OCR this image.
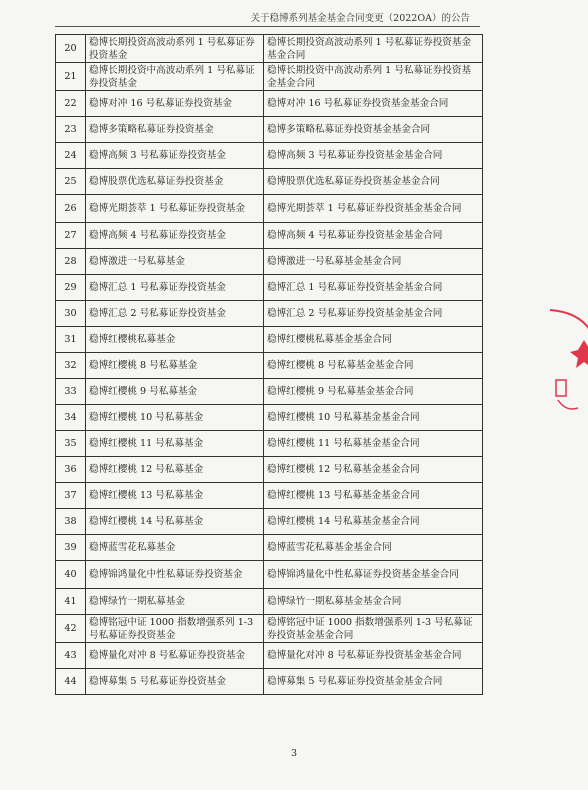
关于稳博系列基金基金合同变更（2022OA）的公告
20	稳博长期投资高波动系列 1 号私募证券投资基金	稳博长期投资高波动系列 1 号私募证券投资基金基金合同
21	稳博长期投资中高波动系列 1 号私募证券投资基金	稳博长期投资中高波动系列 1 号私募证券投资基金基金合同
22	稳博对冲 16 号私募证券投资基金	稳博对冲 16 号私募证券投资基金基金合同
23	稳博多策略私募证券投资基金	稳博多策略私募证券投资基金基金合同
24	稳博高频 3 号私募证券投资基金	稳博高频 3 号私募证券投资基金基金合同
25	稳博股票优选私募证券投资基金	稳博股票优选私募证券投资基金基金合同
26	稳博光期荟萃 1 号私募证券投资基金	稳博光期荟萃 1 号私募证券投资基金基金合同
27	稳博高频 4 号私募证券投资基金	稳博高频 4 号私募证券投资基金基金合同
28	稳博激进一号私募基金	稳博激进一号私募基金基金合同
29	稳博汇总 1 号私募证券投资基金	稳博汇总 1 号私募证券投资基金基金合同
30	稳博汇总 2 号私募证券投资基金	稳博汇总 2 号私募证券投资基金基金合同
31	稳博红樱桃私募基金	稳博红樱桃私募基金基金合同
32	稳博红樱桃 8 号私募基金	稳博红樱桃 8 号私募基金基金合同
33	稳博红樱桃 9 号私募基金	稳博红樱桃 9 号私募基金基金合同
34	稳博红樱桃 10 号私募基金	稳博红樱桃 10 号私募基金基金合同
35	稳博红樱桃 11 号私募基金	稳博红樱桃 11 号私募基金基金合同
36	稳博红樱桃 12 号私募基金	稳博红樱桃 12 号私募基金基金合同
37	稳博红樱桃 13 号私募基金	稳博红樱桃 13 号私募基金基金合同
38	稳博红樱桃 14 号私募基金	稳博红樱桃 14 号私募基金基金合同
39	稳博蓝雪花私募基金	稳博蓝雪花私募基金基金合同
40	稳博锦鸿量化中性私募证券投资基金	稳博锦鸿量化中性私募证券投资基金基金合同
41	稳博绿竹一期私募基金	稳博绿竹一期私募基金基金合同
42	稳博铭冠中证 1000 指数增强系列 1-3 号私募证券投资基金	稳博铭冠中证 1000 指数增强系列 1-3 号私募证券投资基金基金合同
43	稳博量化对冲 8 号私募证券投资基金	稳博量化对冲 8 号私募证券投资基金基金合同
44	稳博募集 5 号私募证券投资基金	稳博募集 5 号私募证券投资基金基金合同
3
